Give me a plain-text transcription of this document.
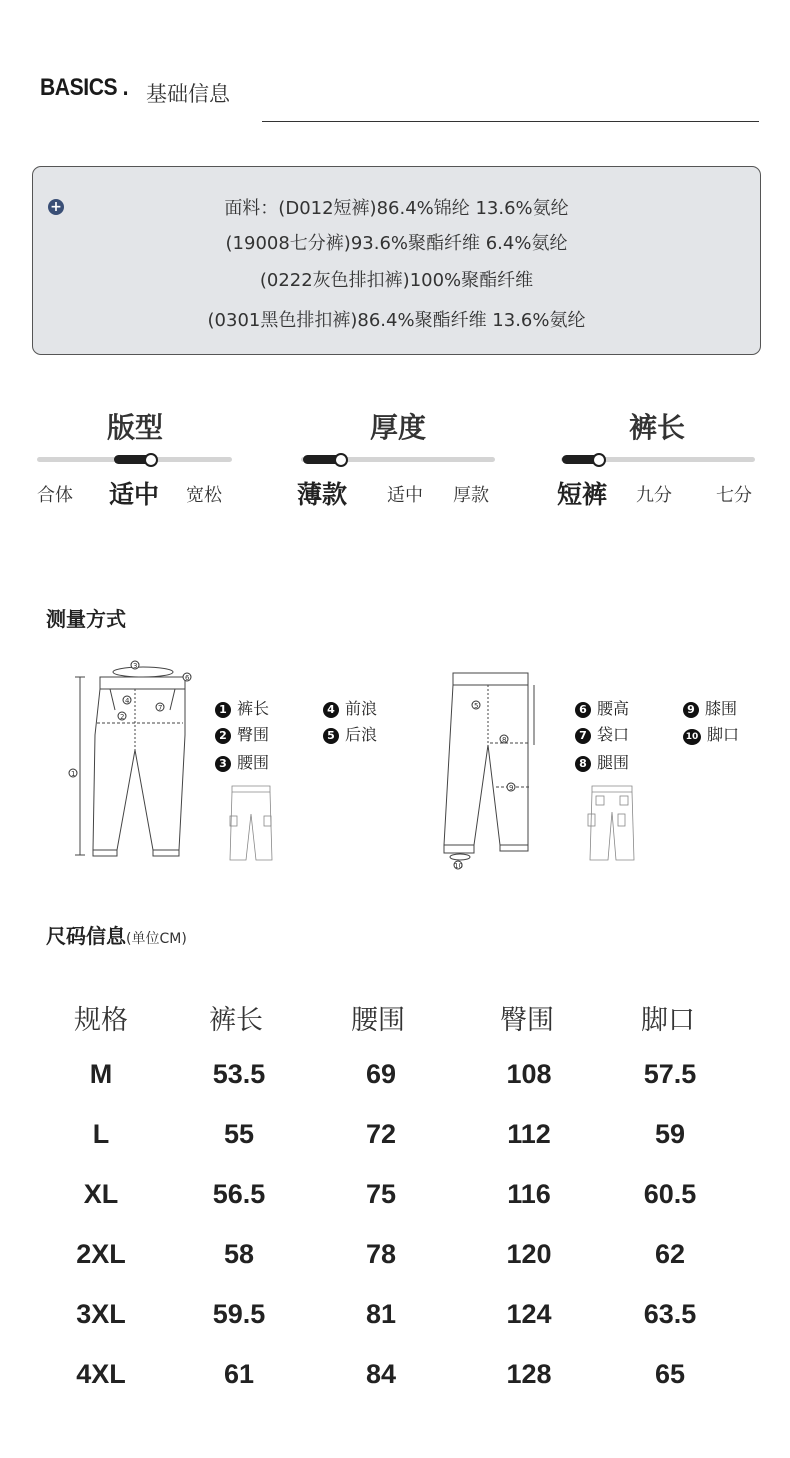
BASICS . 基础信息
+	面料：(D012短裤)86.4%锦纶 13.6%氨纶
(19008七分裤)93.6%聚酯纤维 6.4%氨纶
(0222灰色排扣裤)100%聚酯纤维
(0301黑色排扣裤)86.4%聚酯纤维 13.6%氨纶
版型
合体 适中 宽松
厚度
薄款 适中 厚款
裤长
短裤 九分 七分
测量方式
3
6
4
2
7
1
1 裤长
2 臀围
3 腰围
4 前浪
5 后浪
5
8
9
10
6 腰高
7 袋口
8 腿围
9 膝围
10 脚口
尺码信息(单位CM)
规格	裤长	腰围	臀围	脚口
M	53.5	69	108	57.5
L	55	72	112	59
XL	56.5	75	116	60.5
2XL	58	78	120	62
3XL	59.5	81	124	63.5
4XL	61	84	128	65
